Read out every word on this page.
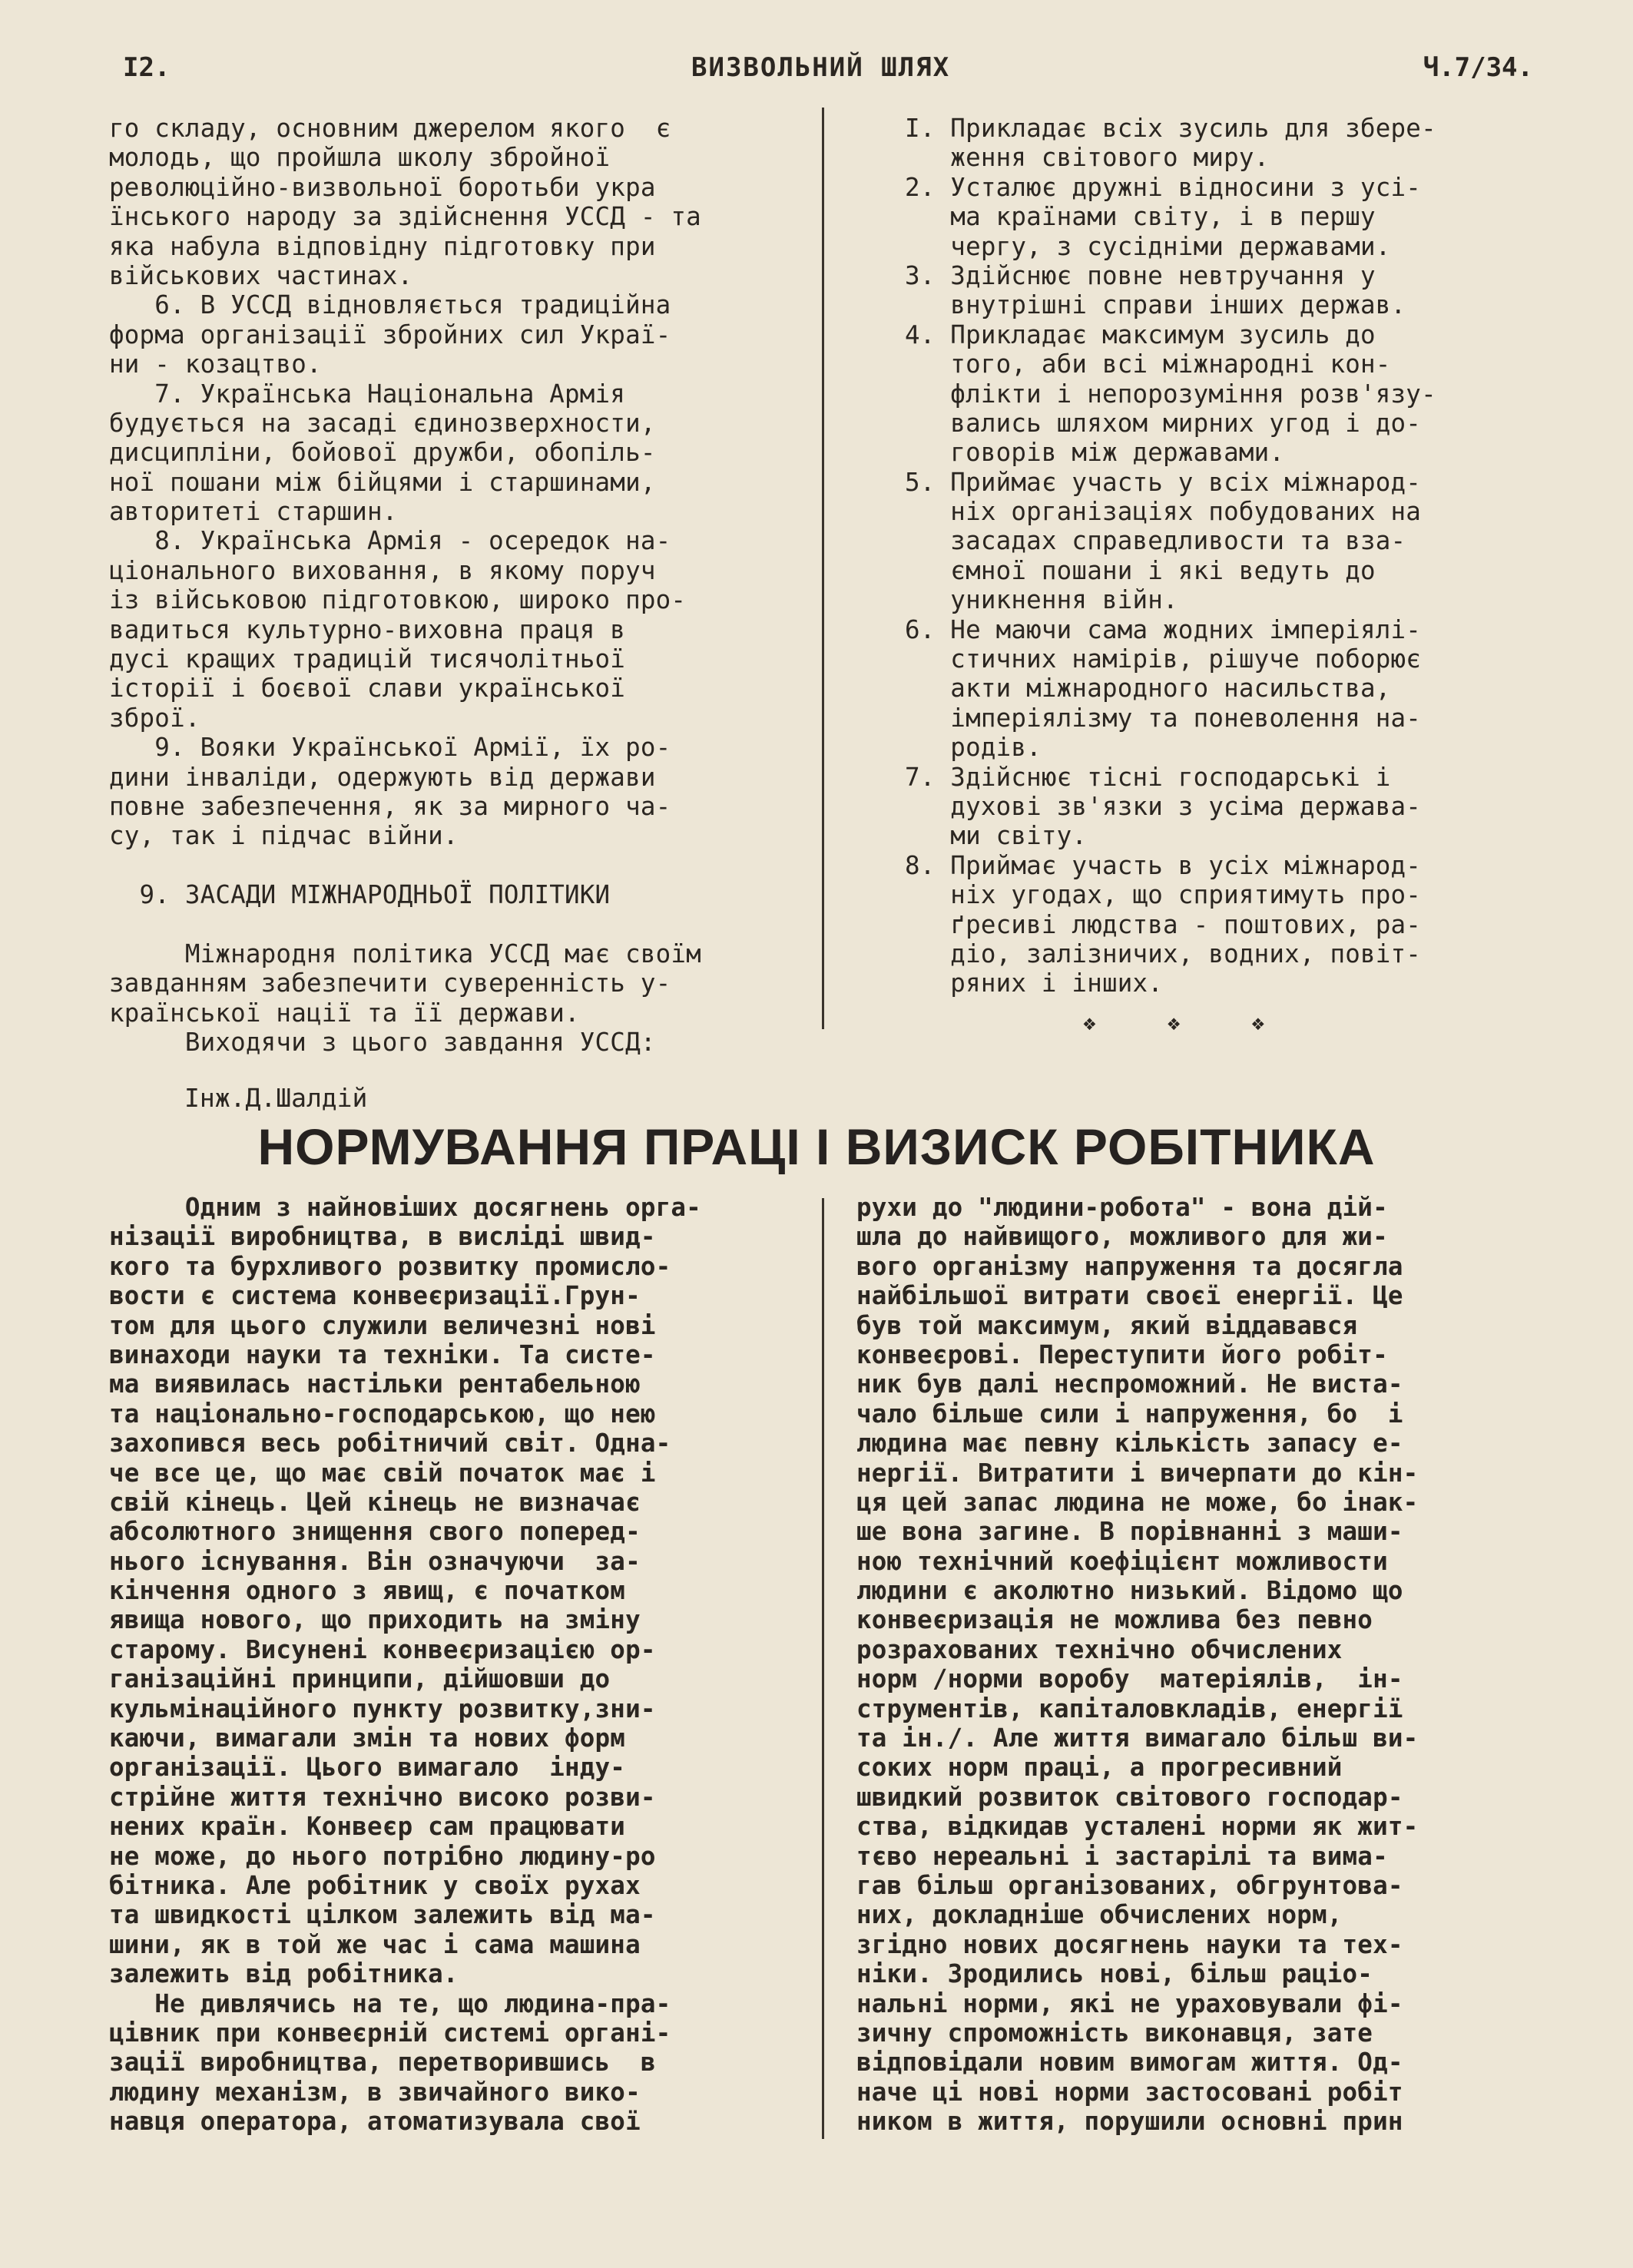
I2.	ВИЗВОЛЬНИЙ ШЛЯХ	Ч.7/34.
го складу, основним джерелом якого  є
молодь, що пройшла школу збройної
революційно-визвольної боротьби укра
їнського народу за здійснення УССД - та
яка набула відповідну підготовку при
військових частинах.
6. В УССД відновляється традиційна
форма організації збройних сил Украї-
ни - козацтво.
7. Українська Національна Армія
будується на засаді єдинозверхности,
дисципліни, бойової дружби, обопіль-
ної пошани між бійцями і старшинами,
авторитеті старшин.
8. Українська Армія - осередок на-
ціонального виховання, в якому поруч
із військовою підготовкою, широко про-
вадиться культурно-виховна праця в
дусі кращих традицій тисячолітньої
історії і боєвої слави української
зброї.
9. Вояки Української Армії, їх ро-
дини інваліди, одержують від держави
повне забезпечення, як за мирного ча-
су, так і підчас війни.
9. ЗАСАДИ МІЖНАРОДНЬОЇ ПОЛІТИКИ
Міжнародня політика УССД має своїм
завданням забезпечити суверенність у-
країнської нації та її держави.
Виходячи з цього завдання УССД:
I. Прикладає всіх зусиль для збере-
ження світового миру.
2. Усталює дружні відносини з усі-
ма країнами світу, і в першу
чергу, з сусідніми державами.
3. Здійснює повне невтручання у
внутрішні справи інших держав.
4. Прикладає максимум зусиль до
того, аби всі міжнародні кон-
флікти і непорозуміння розв'язу-
вались шляхом мирних угод і до-
говорів між державами.
5. Приймає участь у всіх міжнарод-
ніх організаціях побудованих на
засадах справедливости та вза-
ємної пошани і які ведуть до
уникнення війн.
6. Не маючи сама жодних імперіялі-
стичних намірів, рішуче поборює
акти міжнародного насильства,
імперіялізму та поневолення на-
родів.
7. Здійснює тісні господарські і
духові зв'язки з усіма держава-
ми світу.
8. Приймає участь в усіх міжнарод-
ніх угодах, що сприятимуть про-
ґресиві людства - поштових, ра-
діо, залізничих, водних, повіт-
ряних і інших.
❖ ❖ ❖
Інж.Д.Шалдій
НОРМУВАННЯ ПРАЦІ І ВИЗИСК РОБІТНИКА
Одним з найновіших досягнень орга-
нізації виробництва, в висліді швид-
кого та бурхливого розвитку промисло-
вости є система конвеєризації.Грун-
том для цього служили величезні нові
винаходи науки та техніки. Та систе-
ма виявилась настільки рентабельною
та національно-господарською, що нею
захопився весь робітничий світ. Одна-
че все це, що має свій початок має і
свій кінець. Цей кінець не визначає
абсолютного знищення свого поперед-
нього існування. Він означуючи  за-
кінчення одного з явищ, є початком
явища нового, що приходить на зміну
старому. Висунені конвеєризацією ор-
ганізаційні принципи, дійшовши до
кульмінаційного пункту розвитку,зни-
каючи, вимагали змін та нових форм
організації. Цього вимагало  інду-
стрійне життя технічно високо розви-
нених країн. Конвеєр сам працювати
не може, до нього потрібно людину-ро
бітника. Але робітник у своїх рухах
та швидкості цілком залежить від ма-
шини, як в той же час і сама машина
залежить від робітника.
Не дивлячись на те, що людина-пра-
цівник при конвеєрній системі органі-
зації виробництва, перетворившись  в
людину механізм, в звичайного вико-
навця оператора, атоматизувала свої
рухи до "людини-робота" - вона дій-
шла до найвищого, можливого для жи-
вого організму напруження та досягла
найбільшої витрати своєї енергії. Це
був той максимум, який віддавався
конвеєрові. Переступити його робіт-
ник був далі неспроможний. Не вистa-
чало більше сили і напруження, бо  і
людина має певну кількість запасу е-
нергії. Витратити і вичерпати до кін-
ця цей запас людина не може, бо інак-
ше вона загине. В порівнанні з маши-
ною технічний коефіцієнт можливости
людини є аколютно низький. Відомо що
конвеєризація не можлива без певно
розрахованих технічно обчислених
норм /норми воробу  матеріялів,  ін-
струментів, капіталовкладів, енергії
та ін./. Але життя вимагало більш ви-
соких норм праці, а прогресивний
швидкий розвиток світового господар-
ства, відкидав усталені норми як жит-
тєво нереальні і застарілі та вима-
гав більш організованих, обгрунтова-
них, докладніше обчислених норм,
згідно нових досягнень науки та тех-
ніки. Зродились нові, більш раціо-
нальні норми, які не ураховували фі-
зичну спроможність виконавця, зате
відповідали новим вимогам життя. Од-
наче ці нові норми застосовані робіт
ником в життя, порушили основні прин
